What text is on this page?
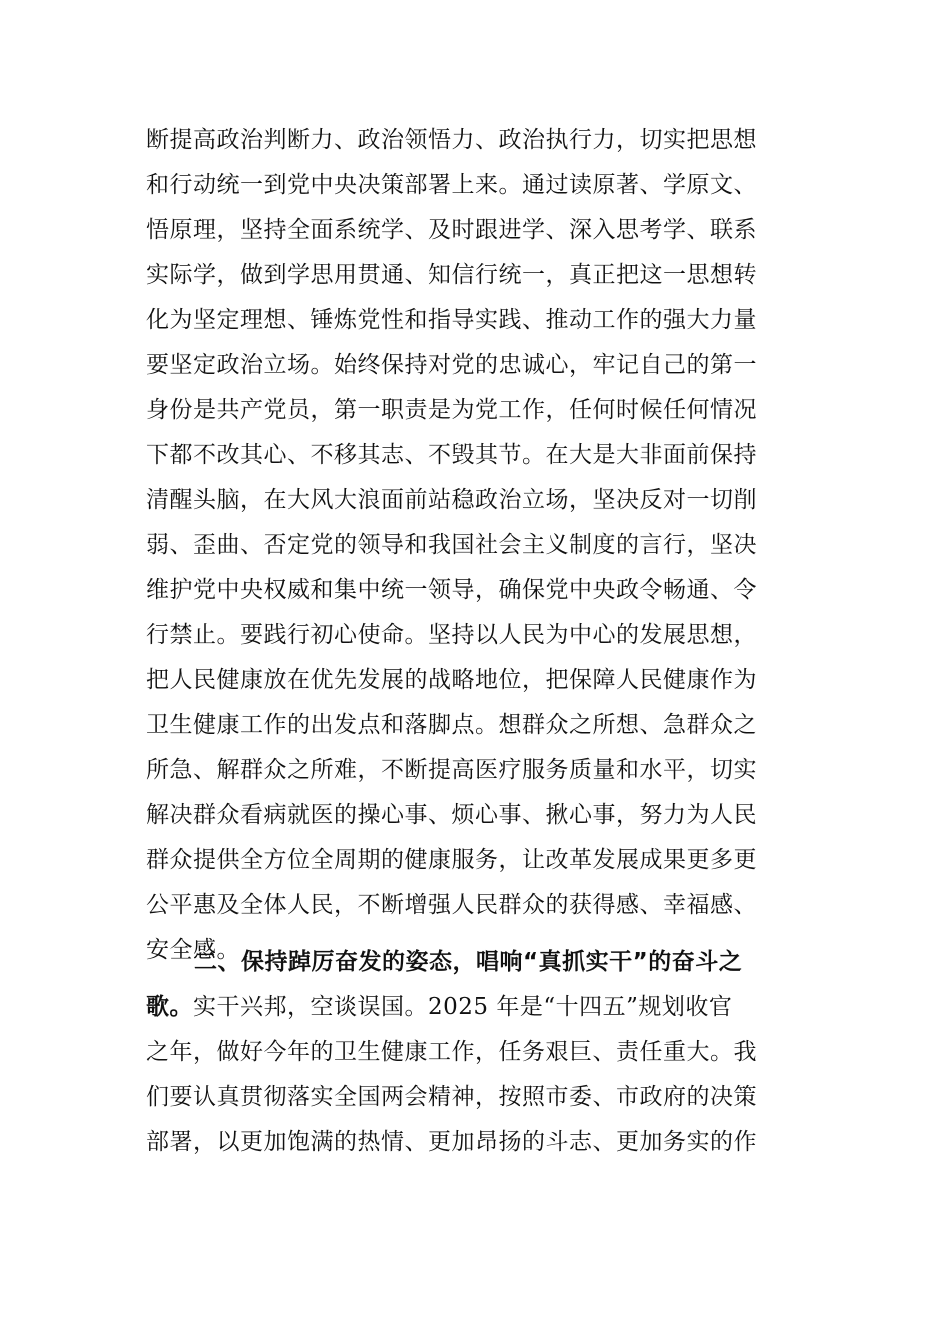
断提高政治判断力、政治领悟力、政治执行力，切实把思想
和行动统一到党中央决策部署上来。通过读原著、学原文、
悟原理，坚持全面系统学、及时跟进学、深入思考学、联系
实际学，做到学思用贯通、知信行统一，真正把这一思想转
化为坚定理想、锤炼党性和指导实践、推动工作的强大力量
要坚定政治立场。始终保持对党的忠诚心，牢记自己的第一
身份是共产党员，第一职责是为党工作，任何时候任何情况
下都不改其心、不移其志、不毁其节。在大是大非面前保持
清醒头脑，在大风大浪面前站稳政治立场，坚决反对一切削
弱、歪曲、否定党的领导和我国社会主义制度的言行，坚决
维护党中央权威和集中统一领导，确保党中央政令畅通、令
行禁止。要践行初心使命。坚持以人民为中心的发展思想，
把人民健康放在优先发展的战略地位，把保障人民健康作为
卫生健康工作的出发点和落脚点。想群众之所想、急群众之
所急、解群众之所难，不断提高医疗服务质量和水平，切实
解决群众看病就医的操心事、烦心事、揪心事，努力为人民
群众提供全方位全周期的健康服务，让改革发展成果更多更
公平惠及全体人民，不断增强人民群众的获得感、幸福感、
安全感。
二、保持踔厉奋发的姿态，唱响“真抓实干”的奋斗之
歌。实干兴邦，空谈误国。2025 年是“十四五”规划收官
之年，做好今年的卫生健康工作，任务艰巨、责任重大。我
们要认真贯彻落实全国两会精神，按照市委、市政府的决策
部署，以更加饱满的热情、更加昂扬的斗志、更加务实的作
